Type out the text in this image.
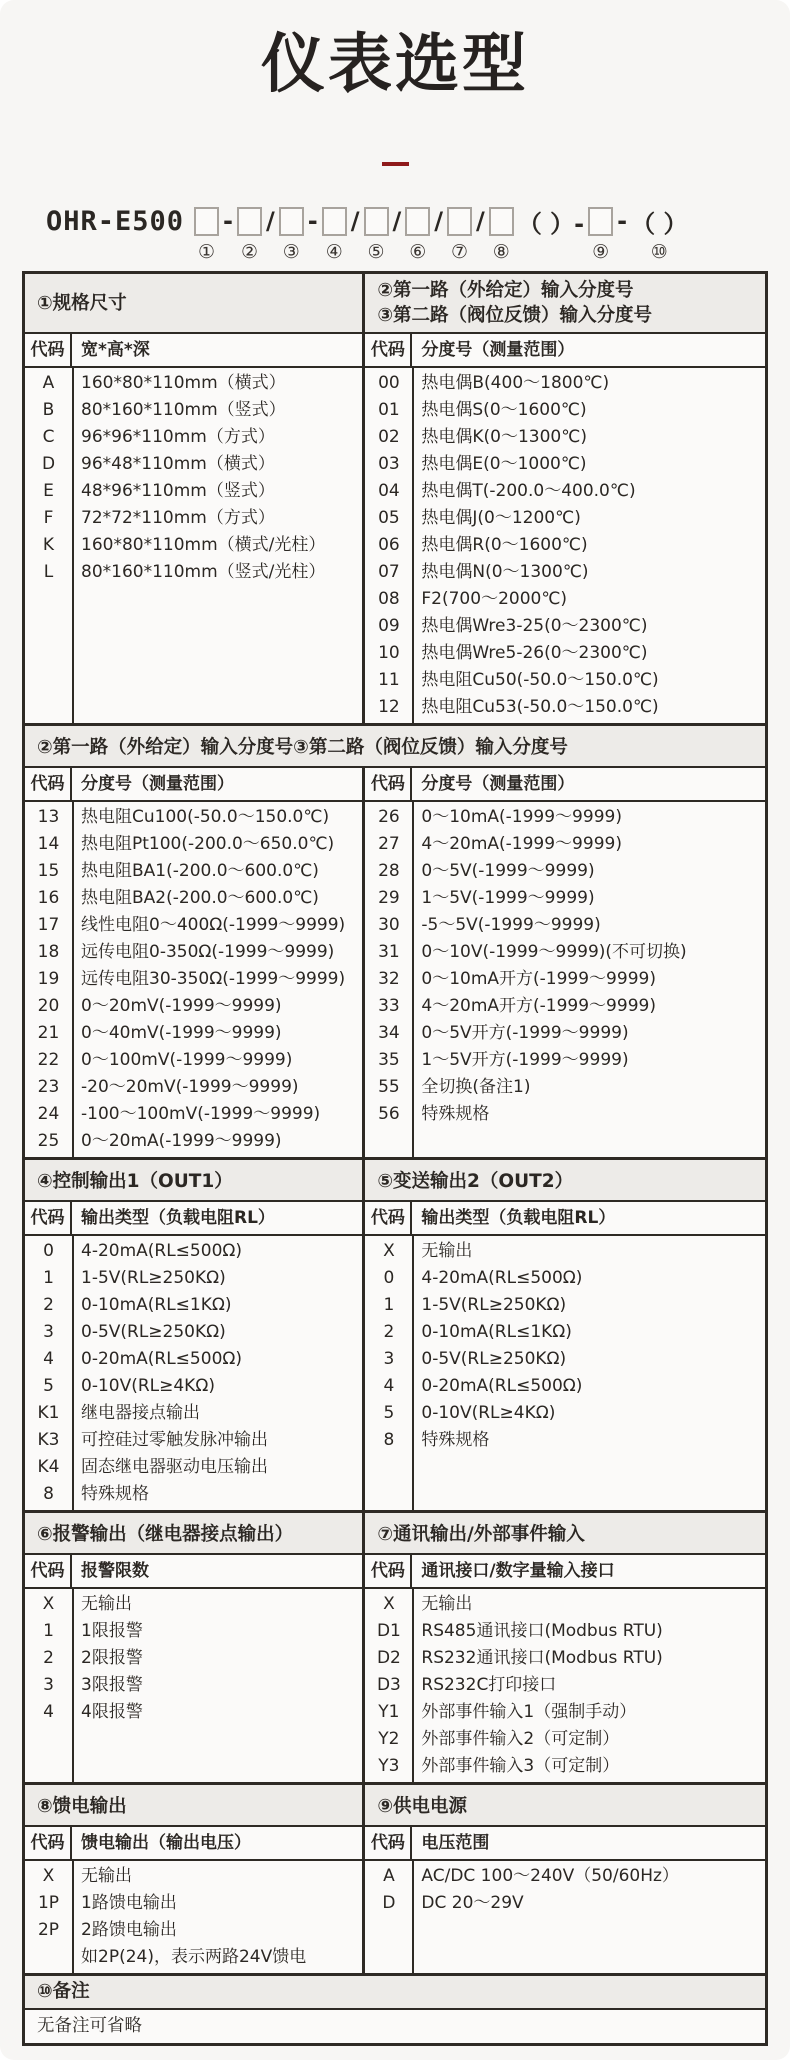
仪表选型
OHR-E500
①
-
②
/
③
-
④
/
⑤
/
⑥
/
⑦
/
⑧
（ ）-
⑨
- （ ）
⑩
①规格尺寸
代码 宽*高*深
A	160*80*110mm（横式）
B	80*160*110mm（竖式）
C	96*96*110mm（方式）
D	96*48*110mm（横式）
E	48*96*110mm（竖式）
F	72*72*110mm（方式）
K	160*80*110mm（横式/光柱）
L	80*160*110mm（竖式/光柱）
②第一路（外给定）输入分度号
③第二路（阀位反馈）输入分度号
代码 分度号（测量范围）
00	热电偶B(400～1800℃)
01	热电偶S(0～1600℃)
02	热电偶K(0～1300℃)
03	热电偶E(0～1000℃)
04	热电偶T(-200.0～400.0℃)
05	热电偶J(0～1200℃)
06	热电偶R(0～1600℃)
07	热电偶N(0～1300℃)
08	F2(700～2000℃)
09	热电偶Wre3-25(0～2300℃)
10	热电偶Wre5-26(0～2300℃)
11	热电阻Cu50(-50.0～150.0℃)
12	热电阻Cu53(-50.0～150.0℃)
②第一路（外给定）输入分度号③第二路（阀位反馈）输入分度号
代码 分度号（测量范围）
13	热电阻Cu100(-50.0～150.0℃)
14	热电阻Pt100(-200.0～650.0℃)
15	热电阻BA1(-200.0～600.0℃)
16	热电阻BA2(-200.0～600.0℃)
17	线性电阻0～400Ω(-1999～9999)
18	远传电阻0-350Ω(-1999～9999)
19	远传电阻30-350Ω(-1999～9999)
20	0～20mV(-1999～9999)
21	0～40mV(-1999～9999)
22	0～100mV(-1999～9999)
23	-20～20mV(-1999～9999)
24	-100～100mV(-1999～9999)
25	0～20mA(-1999～9999)
代码 分度号（测量范围）
26	0～10mA(-1999～9999)
27	4～20mA(-1999～9999)
28	0～5V(-1999～9999)
29	1～5V(-1999～9999)
30	-5～5V(-1999～9999)
31	0～10V(-1999～9999)(不可切换)
32	0～10mA开方(-1999～9999)
33	4～20mA开方(-1999～9999)
34	0～5V开方(-1999～9999)
35	1～5V开方(-1999～9999)
55	全切换(备注1)
56	特殊规格
④控制输出1（OUT1）
代码 输出类型（负载电阻RL）
0	4-20mA(RL≤500Ω)
1	1-5V(RL≥250KΩ)
2	0-10mA(RL≤1KΩ)
3	0-5V(RL≥250KΩ)
4	0-20mA(RL≤500Ω)
5	0-10V(RL≥4KΩ)
K1	继电器接点输出
K3	可控硅过零触发脉冲输出
K4	固态继电器驱动电压输出
8	特殊规格
⑤变送输出2（OUT2）
代码 输出类型（负载电阻RL）
X	无输出
0	4-20mA(RL≤500Ω)
1	1-5V(RL≥250KΩ)
2	0-10mA(RL≤1KΩ)
3	0-5V(RL≥250KΩ)
4	0-20mA(RL≤500Ω)
5	0-10V(RL≥4KΩ)
8	特殊规格
⑥报警输出（继电器接点输出）
代码 报警限数
X	无输出
1	1限报警
2	2限报警
3	3限报警
4	4限报警
⑦通讯输出/外部事件输入
代码 通讯接口/数字量输入接口
X	无输出
D1	RS485通讯接口(Modbus RTU)
D2	RS232通讯接口(Modbus RTU)
D3	RS232C打印接口
Y1	外部事件输入1（强制手动）
Y2	外部事件输入2（可定制）
Y3	外部事件输入3（可定制）
⑧馈电输出
代码 馈电输出（输出电压）
X	无输出
1P	1路馈电输出
2P	2路馈电输出
如2P(24)，表示两路24V馈电
⑨供电电源
代码 电压范围
A	AC/DC 100～240V（50/60Hz）
D	DC 20～29V
⑩备注
无备注可省略
